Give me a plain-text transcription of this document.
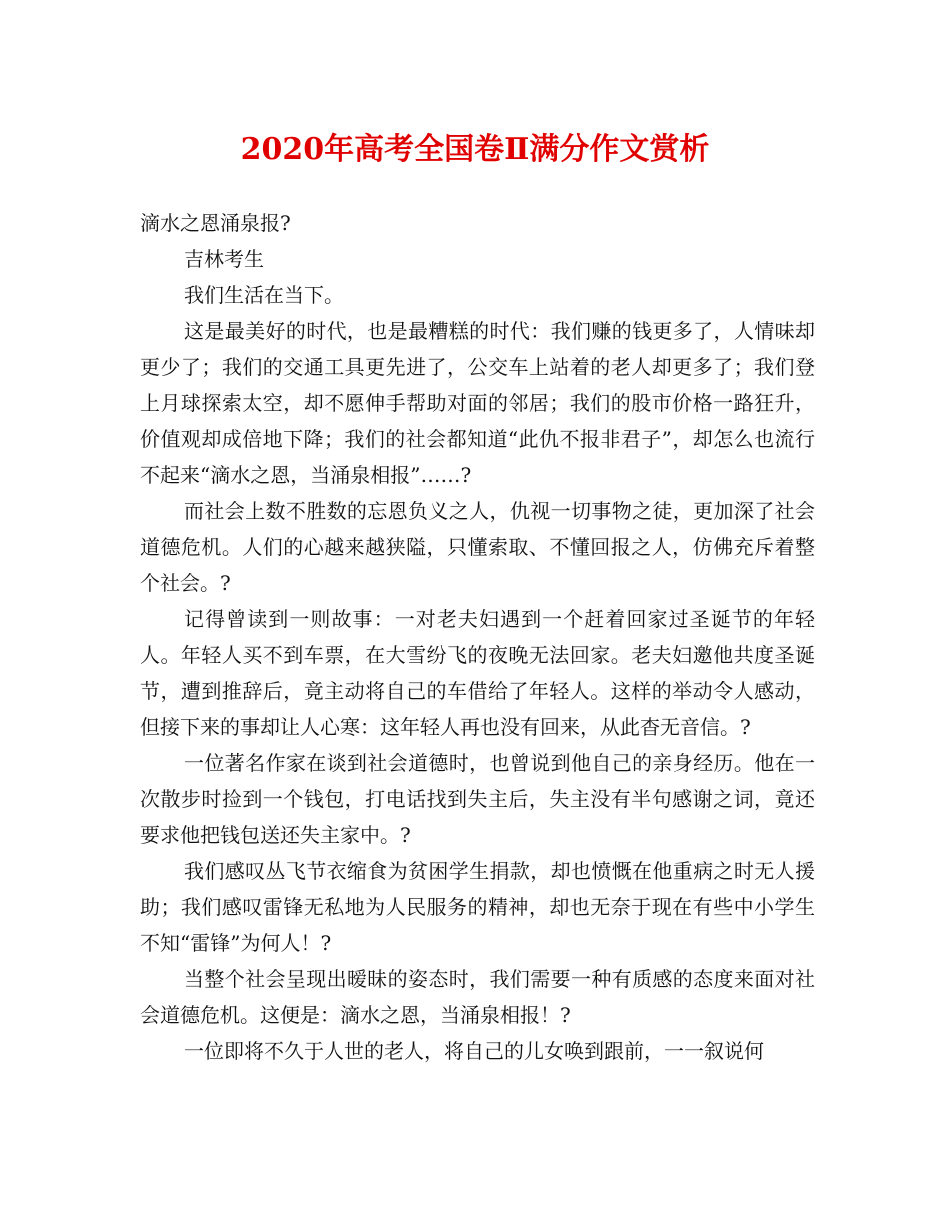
2020年高考全国卷Ⅱ满分作文赏析

滴水之恩涌泉报?

吉林考生

我们生活在当下。

这是最美好的时代，也是最糟糕的时代：我们赚的钱更多了，人情味却更少了；我们的交通工具更先进了，公交车上站着的老人却更多了；我们登上月球探索太空，却不愿伸手帮助对面的邻居；我们的股市价格一路狂升，价值观却成倍地下降；我们的社会都知道“此仇不报非君子”，却怎么也流行不起来“滴水之恩，当涌泉相报”……?

而社会上数不胜数的忘恩负义之人，仇视一切事物之徒，更加深了社会道德危机。人们的心越来越狭隘，只懂索取、不懂回报之人，仿佛充斥着整个社会。?

记得曾读到一则故事：一对老夫妇遇到一个赶着回家过圣诞节的年轻人。年轻人买不到车票，在大雪纷飞的夜晚无法回家。老夫妇邀他共度圣诞节，遭到推辞后，竟主动将自己的车借给了年轻人。这样的举动令人感动，但接下来的事却让人心寒：这年轻人再也没有回来，从此杳无音信。?

一位著名作家在谈到社会道德时，也曾说到他自己的亲身经历。他在一次散步时捡到一个钱包，打电话找到失主后，失主没有半句感谢之词，竟还要求他把钱包送还失主家中。?

我们感叹丛飞节衣缩食为贫困学生捐款，却也愤慨在他重病之时无人援助；我们感叹雷锋无私地为人民服务的精神，却也无奈于现在有些中小学生不知“雷锋”为何人！?

当整个社会呈现出暧昧的姿态时，我们需要一种有质感的态度来面对社会道德危机。这便是：滴水之恩，当涌泉相报！?

一位即将不久于人世的老人，将自己的儿女唤到跟前，一一叙说何
